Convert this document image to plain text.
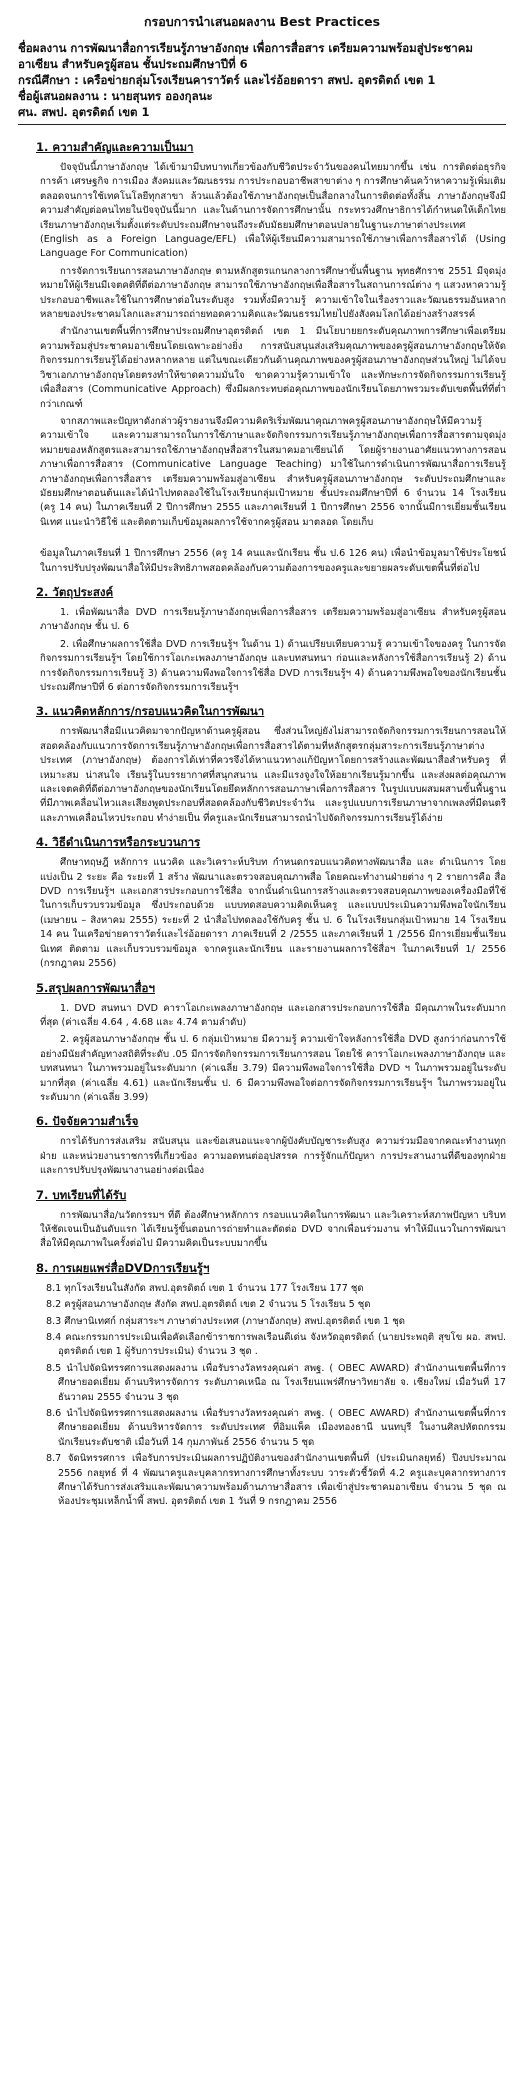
กรอบการนำเสนอผลงาน Best Practices
ชื่อผลงาน การพัฒนาสื่อการเรียนรู้ภาษาอังกฤษ เพื่อการสื่อสาร เตรียมความพร้อมสู่ประชาคมอาเซียน สำหรับครูผู้สอน ชั้นประถมศึกษาปีที่ 6
กรณีศึกษา : เครือข่ายกลุ่มโรงเรียนคาราวัตร์ และไร่อ้อยดารา สพป. อุตรดิตถ์ เขต 1
ชื่อผู้เสนอผลงาน : นายสุนทร อองกุลนะ
ศน. สพป. อุตรดิตถ์ เขต 1
1. ความสำคัญและความเป็นมา
ปัจจุบันนี้ภาษาอังกฤษ ได้เข้ามามีบทบาทเกี่ยวข้องกับชีวิตประจำวันของคนไทยมากขึ้น เช่น การติดต่อธุรกิจการค้า เศรษฐกิจ การเมือง สังคมและวัฒนธรรม การประกอบอาชีพสาขาต่าง ๆ การศึกษาค้นคว้าหาความรู้เพิ่มเติม ตลอดจนการใช้เทคโนโลยีทุกสาขา ล้วนแล้วต้องใช้ภาษาอังกฤษเป็นสื่อกลางในการติดต่อทั้งสิ้น ภาษาอังกฤษจึงมีความสำคัญต่อคนไทยในปัจจุบันนี้มาก และในด้านการจัดการศึกษานั้น กระทรวงศึกษาธิการได้กำหนดให้เด็กไทยเรียนภาษาอังกฤษเริ่มตั้งแต่ระดับประถมศึกษาจนถึงระดับมัธยมศึกษาตอนปลายในฐานะภาษาต่างประเทศ (English as a Foreign Language/EFL) เพื่อให้ผู้เรียนมีความสามารถใช้ภาษาเพื่อการสื่อสารได้ (Using Language For Communication)
การจัดการเรียนการสอนภาษาอังกฤษ ตามหลักสูตรแกนกลางการศึกษาขั้นพื้นฐาน พุทธศักราช 2551 มีจุดมุ่งหมายให้ผู้เรียนมีเจตคติที่ดีต่อภาษาอังกฤษ สามารถใช้ภาษาอังกฤษเพื่อสื่อสารในสถานการณ์ต่าง ๆ แสวงหาความรู้ ประกอบอาชีพและใช้ในการศึกษาต่อในระดับสูง รวมทั้งมีความรู้ ความเข้าใจในเรื่องราวและวัฒนธรรมอันหลากหลายของประชาคมโลกและสามารถถ่ายทอดความคิดและวัฒนธรรมไทยไปยังสังคมโลกได้อย่างสร้างสรรค์
สำนักงานเขตพื้นที่การศึกษาประถมศึกษาอุตรดิตถ์ เขต 1 มีนโยบายยกระดับคุณภาพการศึกษาเพื่อเตรียมความพร้อมสู่ประชาคมอาเซียนโดยเฉพาะอย่างยิ่ง การสนับสนุนส่งเสริมคุณภาพของครูผู้สอนภาษาอังกฤษให้จัดกิจกรรมการเรียนรู้ได้อย่างหลากหลาย แต่ในขณะเดียวกันด้านคุณภาพของครูผู้สอนภาษาอังกฤษส่วนใหญ่ ไม่ได้จบวิชาเอกภาษาอังกฤษโดยตรงทำให้ขาดความมั่นใจ ขาดความรู้ความเข้าใจ และทักษะการจัดกิจกรรมการเรียนรู้เพื่อสื่อสาร (Communicative Approach) ซึ่งมีผลกระทบต่อคุณภาพของนักเรียนโดยภาพรวมระดับเขตพื้นที่ที่ต่ำกว่าเกณฑ์
จากสภาพและปัญหาดังกล่าวผู้รายงานจึงมีความคิดริเริ่มพัฒนาคุณภาพครูผู้สอนภาษาอังกฤษให้มีความรู้ ความเข้าใจ และความสามารถในการใช้ภาษาและจัดกิจกรรมการเรียนรู้ภาษาอังกฤษเพื่อการสื่อสารตามจุดมุ่งหมายของหลักสูตรและสามารถใช้ภาษาอังกฤษสื่อสารในสมาคมอาเซียนได้ โดยผู้รายงานอาศัยแนวทางการสอนภาษาเพื่อการสื่อสาร (Communicative Language Teaching) มาใช้ในการดำเนินการพัฒนาสื่อการเรียนรู้ภาษาอังกฤษเพื่อการสื่อสาร เตรียมความพร้อมสู่อาเซียน สำหรับครูผู้สอนภาษาอังกฤษ ระดับประถมศึกษาและมัธยมศึกษาตอนต้นและได้นำไปทดลองใช้ในโรงเรียนกลุ่มเป้าหมาย ชั้นประถมศึกษาปีที่ 6 จำนวน 14 โรงเรียน (ครู 14 คน) ในภาคเรียนที่ 2 ปีการศึกษา 2555 และภาคเรียนที่ 1 ปีการศึกษา 2556 จากนั้นมีการเยี่ยมชั้นเรียน นิเทศ แนะนำวิธีใช้ และติดตามเก็บข้อมูลผลการใช้จากครูผู้สอน มาตลอด โดยเก็บ
ข้อมูลในภาคเรียนที่ 1 ปีการศึกษา 2556 (ครู 14 คนและนักเรียน ชั้น ป.6 126 คน) เพื่อนำข้อมูลมาใช้ประโยชน์ในการปรับปรุงพัฒนาสื่อให้มีประสิทธิภาพสอดคล้องกับความต้องการของครูและขยายผลระดับเขตพื้นที่ต่อไป
2. วัตถุประสงค์
1. เพื่อพัฒนาสื่อ DVD การเรียนรู้ภาษาอังกฤษเพื่อการสื่อสาร เตรียมความพร้อมสู่อาเซียน สำหรับครูผู้สอนภาษาอังกฤษ ชั้น ป. 6
2. เพื่อศึกษาผลการใช้สื่อ DVD การเรียนรู้ฯ ในด้าน 1) ด้านเปรียบเทียบความรู้ ความเข้าใจของครู ในการจัดกิจกรรมการเรียนรู้ฯ โดยใช้การโอเกะเพลงภาษาอังกฤษ และบทสนทนา ก่อนและหลังการใช้สื่อการเรียนรู้ 2) ด้านการจัดกิจกรรมการเรียนรู้ 3) ด้านความพึงพอใจการใช้สื่อ DVD การเรียนรู้ฯ 4) ด้านความพึงพอใจของนักเรียนชั้นประถมศึกษาปีที่ 6 ต่อการจัดกิจกรรมการเรียนรู้ฯ
3. แนวคิดหลักการ/กรอบแนวคิดในการพัฒนา
การพัฒนาสื่อมีแนวคิดมาจากปัญหาด้านครูผู้สอน ซึ่งส่วนใหญ่ยังไม่สามารถจัดกิจกรรมการเรียนการสอนให้สอดคล้องกับแนวการจัดการเรียนรู้ภาษาอังกฤษเพื่อการสื่อสารได้ตามที่หลักสูตรกลุ่มสาระการเรียนรู้ภาษาต่างประเทศ (ภาษาอังกฤษ) ต้องการได้เท่าที่ควรจึงได้หาแนวทางแก้ปัญหาโดยการสร้างและพัฒนาสื่อสำหรับครู ที่เหมาะสม น่าสนใจ เรียนรู้ในบรรยากาศที่สนุกสนาน และมีแรงจูงใจให้อยากเรียนรู้มากขึ้น และส่งผลต่อคุณภาพและเจตคติที่ดีต่อภาษาอังกฤษของนักเรียนโดยยึดหลักการสอนภาษาเพื่อการสื่อสาร ในรูปแบบผสมผสานขั้นพื้นฐาน ที่มีภาพเคลื่อนไหวและเสียงพูดประกอบที่สอดคล้องกับชีวิตประจำวัน และรูปแบบการเรียนภาษาจากเพลงที่มีดนตรีและภาพเคลื่อนไหวประกอบ ทำง่ายเป็น ที่ครูและนักเรียนสามารถนำไปจัดกิจกรรมการเรียนรู้ได้ง่าย
4. วิธีดำเนินการหรือกระบวนการ
ศึกษาทฤษฎี หลักการ แนวคิด และวิเคราะห์บริบท กำหนดกรอบแนวคิดทางพัฒนาสื่อ และ ดำเนินการ โดย แบ่งเป็น 2 ระยะ คือ ระยะที่ 1 สร้าง พัฒนาและตรวจสอบคุณภาพสื่อ โดยคณะทำงานฝ่ายต่าง ๆ 2 รายการคือ สื่อ DVD การเรียนรู้ฯ และเอกสารประกอบการใช้สื่อ จากนั้นดำเนินการสร้างและตรวจสอบคุณภาพของเครื่องมือที่ใช้ในการเก็บรวบรวมข้อมูล ซึ่งประกอบด้วย แบบทดสอบความคิดเห็นครู และแบบประเมินความพึงพอใจนักเรียน (เมษายน – สิงหาคม 2555) ระยะที่ 2 นำสื่อไปทดลองใช้กับครู ชั้น ป. 6 ในโรงเรียนกลุ่มเป้าหมาย 14 โรงเรียน 14 คน ในเครือข่ายคาราวัตร์และไร่อ้อยดารา ภาคเรียนที่ 2 /2555 และภาคเรียนที่ 1 /2556 มีการเยี่ยมชั้นเรียน นิเทศ ติดตาม และเก็บรวบรวมข้อมูล จากครูและนักเรียน และรายงานผลการใช้สื่อฯ ในภาคเรียนที่ 1/ 2556 (กรกฎาคม 2556)
5.สรุปผลการพัฒนาสื่อฯ
1. DVD สนทนา DVD คาราโอเกะเพลงภาษาอังกฤษ และเอกสารประกอบการใช้สื่อ มีคุณภาพในระดับมากที่สุด (ค่าเฉลี่ย 4.64 , 4.68 และ 4.74 ตามลำดับ)
2. ครูผู้สอนภาษาอังกฤษ ชั้น ป. 6 กลุ่มเป้าหมาย มีความรู้ ความเข้าใจหลังการใช้สื่อ DVD สูงกว่าก่อนการใช้อย่างมีนัยสำคัญทางสถิติที่ระดับ .05 มีการจัดกิจกรรมการเรียนการสอน โดยใช้ คาราโอเกะเพลงภาษาอังกฤษ และบทสนทนา ในภาพรวมอยู่ในระดับมาก (ค่าเฉลี่ย 3.79) มีความพึงพอใจการใช้สื่อ DVD ฯ ในภาพรวมอยู่ในระดับมากที่สุด (ค่าเฉลี่ย 4.61) และนักเรียนชั้น ป. 6 มีความพึงพอใจต่อการจัดกิจกรรมการเรียนรู้ฯ ในภาพรวมอยู่ในระดับมาก (ค่าเฉลี่ย 3.99)
6. ปัจจัยความสำเร็จ
การได้รับการส่งเสริม สนับสนุน และข้อเสนอแนะจากผู้บังคับบัญชาระดับสูง ความร่วมมือจากคณะทำงานทุกฝ่าย และหน่วยงานราชการที่เกี่ยวข้อง ความอดทนต่ออุปสรรค การรู้จักแก้ปัญหา การประสานงานที่ดีของทุกฝ่าย และการปรับปรุงพัฒนางานอย่างต่อเนื่อง
7. บทเรียนที่ได้รับ
การพัฒนาสื่อ/นวัตกรรมฯ ที่ดี ต้องศึกษาหลักการ กรอบแนวคิดในการพัฒนา และวิเคราะห์สภาพปัญหา บริบทให้ชัดเจนเป็นอันดับแรก ได้เรียนรู้ขั้นตอนการถ่ายทำและตัดต่อ DVD จากเพื่อนร่วมงาน ทำให้มีแนวในการพัฒนาสื่อให้มีคุณภาพในครั้งต่อไป มีความคิดเป็นระบบมากขึ้น
8. การเผยแพร่สื่อDVDการเรียนรู้ฯ
8.1 ทุกโรงเรียนในสังกัด สพป.อุตรดิตถ์ เขต 1 จำนวน 177 โรงเรียน 177 ชุด
8.2 ครูผู้สอนภาษาอังกฤษ สังกัด สพป.อุตรดิตถ์ เขต 2 จำนวน 5 โรงเรียน 5 ชุด
8.3 ศึกษานิเทศก์ กลุ่มสาระฯ ภาษาต่างประเทศ (ภาษาอังกฤษ) สพป.อุตรดิตถ์ เขต 1 ชุด
8.4 คณะกรรมการประเมินเพื่อคัดเลือกข้าราชการพลเรือนดีเด่น จังหวัดอุตรดิตถ์ (นายประพฤติ สุขโข ผอ. สพป. อุตรดิตถ์ เขต 1 ผู้รับการประเมิน) จำนวน 3 ชุด .
8.5 นำไปจัดนิทรรศการแสดงผลงาน เพื่อรับรางวัลทรงคุณค่า สพฐ. ( OBEC AWARD) สำนักงานเขตพื้นที่การศึกษายอดเยี่ยม ด้านบริหารจัดการ ระดับภาคเหนือ ณ โรงเรียนแพร่ศึกษาวิทยาลัย จ. เชียงใหม่ เมื่อวันที่ 17 ธันวาคม 2555 จำนวน 3 ชุด
8.6 นำไปจัดนิทรรศการแสดงผลงาน เพื่อรับรางวัลทรงคุณค่า สพฐ. ( OBEC AWARD) สำนักงานเขตพื้นที่การศึกษายอดเยี่ยม ด้านบริหารจัดการ ระดับประเทศ ที่อิมแพ็ค เมืองทองธานี นนทบุรี ในงานศิลปหัตถกรรมนักเรียนระดับชาติ เมื่อวันที่ 14 กุมภาพันธ์ 2556 จำนวน 5 ชุด
8.7 จัดนิทรรศการ เพื่อรับการประเมินผลการปฏิบัติงานของสำนักงานเขตพื้นที่ (ประเมินกลยุทธ์) ปีงบประมาณ 2556 กลยุทธ์ ที่ 4 พัฒนาครูและบุคลากรทางการศึกษาทั้งระบบ วาระตัวชี้วัดที่ 4.2 ครูและบุคลากรทางการศึกษาได้รับการส่งเสริมและพัฒนาความพร้อมด้านภาษาสื่อสาร เพื่อเข้าสู่ประชาคมอาเซียน จำนวน 5 ชุด ณ ห้องประชุมเหล็กน้ำพี้ สพป. อุตรดิตถ์ เขต 1 วันที่ 9 กรกฎาคม 2556
